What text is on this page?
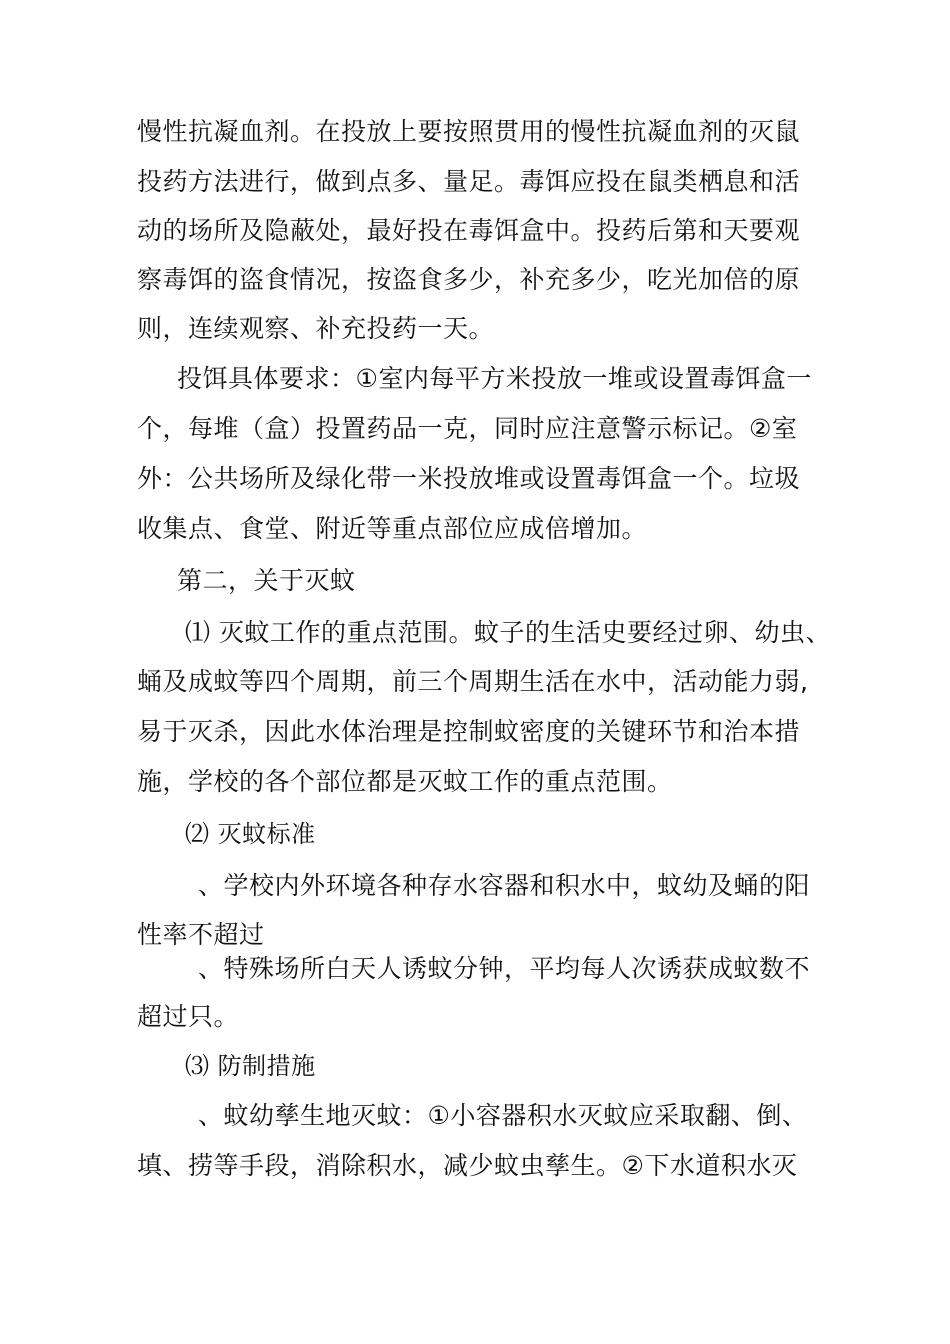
慢性抗凝血剂。在投放上要按照贯用的慢性抗凝血剂的灭鼠
投药方法进行，做到点多、量足。毒饵应投在鼠类栖息和活
动的场所及隐蔽处，最好投在毒饵盒中。投药后第和天要观
察毒饵的盗食情况，按盗食多少，补充多少，吃光加倍的原
则，连续观察、补充投药一天。
投饵具体要求：①室内每平方米投放一堆或设置毒饵盒一
个，每堆（盒）投置药品一克，同时应注意警示标记。②室
外：公共场所及绿化带一米投放堆或设置毒饵盒一个。垃圾
收集点、食堂、附近等重点部位应成倍增加。
第二，关于灭蚊
⑴ 灭蚊工作的重点范围。蚊子的生活史要经过卵、幼虫、
蛹及成蚊等四个周期，前三个周期生活在水中，活动能力弱,
易于灭杀，因此水体治理是控制蚊密度的关键环节和治本措
施，学校的各个部位都是灭蚊工作的重点范围。
⑵ 灭蚊标准
、学校内外环境各种存水容器和积水中，蚊幼及蛹的阳
性率不超过
、特殊场所白天人诱蚊分钟，平均每人次诱获成蚊数不
超过只。
⑶ 防制措施
、蚊幼孳生地灭蚊：①小容器积水灭蚊应采取翻、倒、
填、捞等手段，消除积水，减少蚊虫孳生。②下水道积水灭
